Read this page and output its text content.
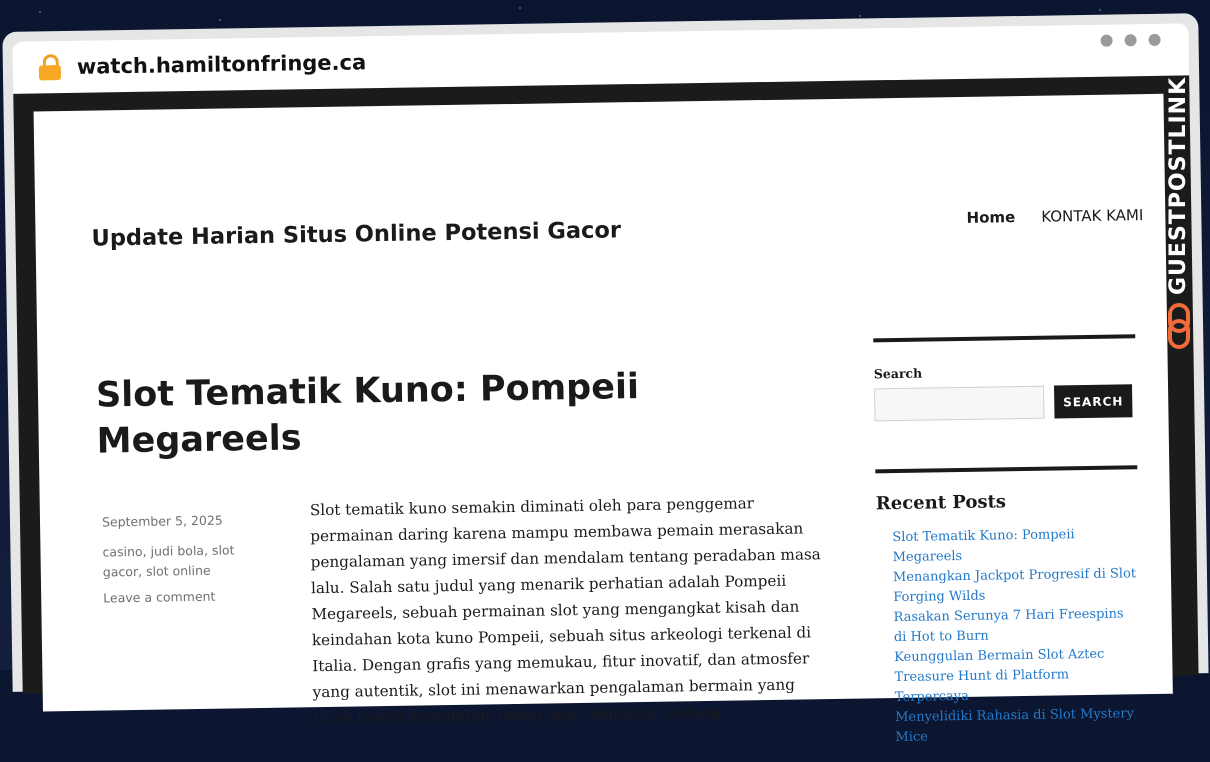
watch.hamiltonfringe.ca
Update Harian Situs Online Potensi Gacor	Home KONTAK KAMI
Slot Tematik Kuno: Pompeii Megareels
September 5, 2025
casino, judi bola, slot gacor, slot online
Leave a comment
Slot tematik kuno semakin diminati oleh para penggemar permainan daring karena mampu membawa pemain merasakan pengalaman yang imersif dan mendalam tentang peradaban masa lalu. Salah satu judul yang menarik perhatian adalah Pompeii Megareels, sebuah permainan slot yang mengangkat kisah dan keindahan kota kuno Pompeii, sebuah situs arkeologi terkenal di Italia. Dengan grafis yang memukau, fitur inovatif, dan atmosfer yang autentik, slot ini menawarkan pengalaman bermain yang tidak hanya menghibur tetapi juga mendidik tentang
Search
SEARCH
Recent Posts
Slot Tematik Kuno: Pompeii Megareels
Menangkan Jackpot Progresif di Slot Forging Wilds
Rasakan Serunya 7 Hari Freespins di Hot to Burn
Keunggulan Bermain Slot Aztec Treasure Hunt di Platform Terpercaya
Menyelidiki Rahasia di Slot Mystery Mice
GUESTPOSTLINKS
